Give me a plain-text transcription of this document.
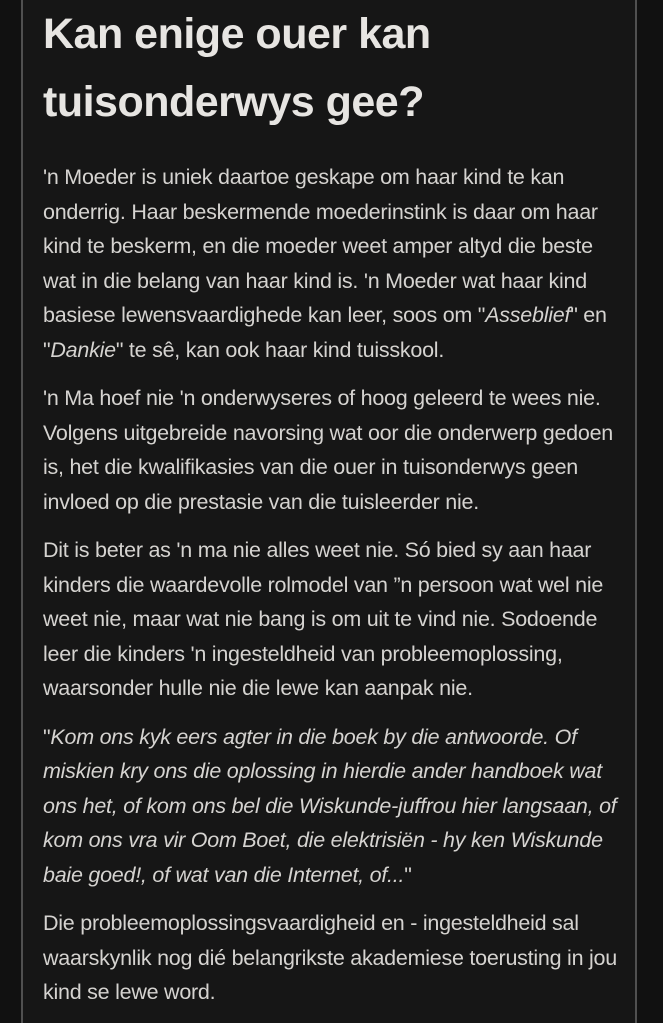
Kan enige ouer kan
tuisonderwys gee?
'n Moeder is uniek daartoe geskape om haar kind te kan
onderrig. Haar beskermende moederinstink is daar om haar
kind te beskerm, en die moeder weet amper altyd die beste
wat in die belang van haar kind is. 'n Moeder wat haar kind
basiese lewensvaardighede kan leer, soos om "Asseblief" en
"Dankie" te sê, kan ook haar kind tuisskool.
'n Ma hoef nie 'n onderwyseres of hoog geleerd te wees nie.
Volgens uitgebreide navorsing wat oor die onderwerp gedoen
is, het die kwalifikasies van die ouer in tuisonderwys geen
invloed op die prestasie van die tuisleerder nie.
Dit is beter as 'n ma nie alles weet nie. Só bied sy aan haar
kinders die waardevolle rolmodel van ”n persoon wat wel nie
weet nie, maar wat nie bang is om uit te vind nie. Sodoende
leer die kinders 'n ingesteldheid van probleemoplossing,
waarsonder hulle nie die lewe kan aanpak nie.
"Kom ons kyk eers agter in die boek by die antwoorde. Of
miskien kry ons die oplossing in hierdie ander handboek wat
ons het, of kom ons bel die Wiskunde-juffrou hier langsaan, of
kom ons vra vir Oom Boet, die elektrisiën - hy ken Wiskunde
baie goed!, of wat van die Internet, of..."
Die probleemoplossingsvaardigheid en - ingesteldheid sal
waarskynlik nog dié belangrikste akademiese toerusting in jou
kind se lewe word.
